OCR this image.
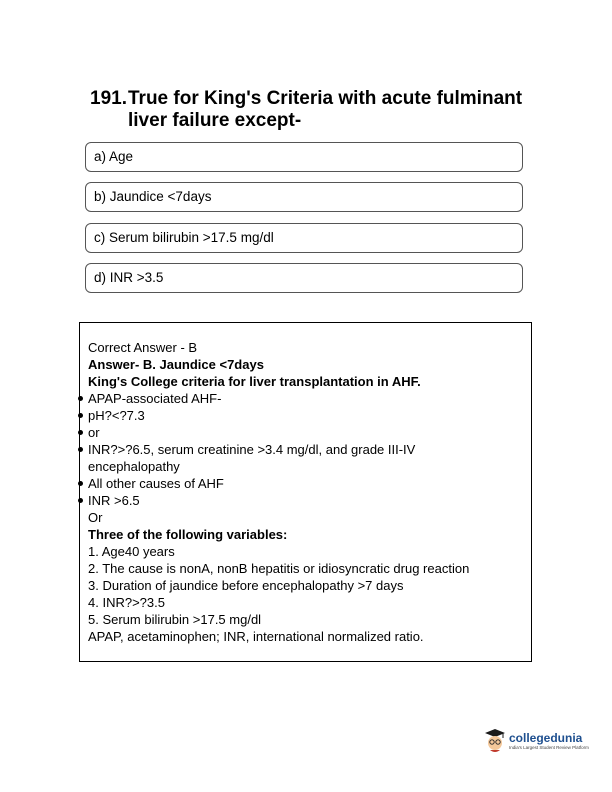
191. True for King's Criteria with acute fulminant liver failure except-
a) Age
b) Jaundice <7days
c) Serum bilirubin >17.5 mg/dl
d) INR >3.5
Correct Answer - B
Answer- B. Jaundice <7days
King's College criteria for liver transplantation in AHF.
APAP-associated AHF-
pH?<?7.3
or
INR?>?6.5, serum creatinine >3.4 mg/dl, and grade III-IV
encephalopathy
All other causes of AHF
INR >6.5
Or
Three of the following variables:
1. Age40 years
2. The cause is nonA, nonB hepatitis or idiosyncratic drug reaction
3. Duration of jaundice before encephalopathy >7 days
4. INR?>?3.5
5. Serum bilirubin >17.5 mg/dl
APAP, acetaminophen; INR, international normalized ratio.
collegedunia
India's Largest Student Review Platform
